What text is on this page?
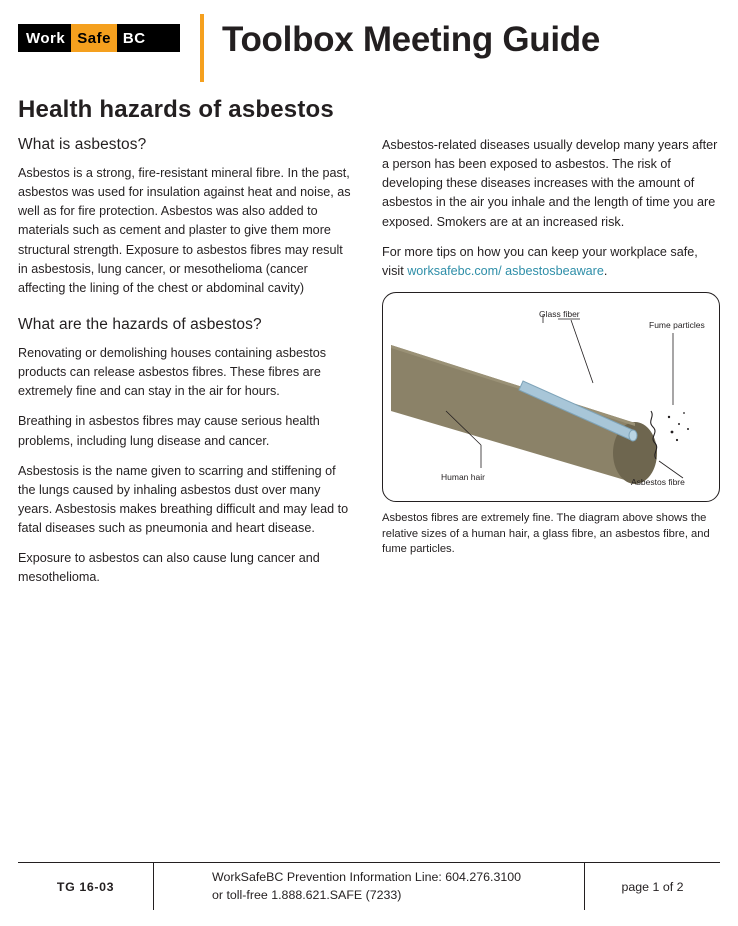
Work Safe BC Toolbox Meeting Guide
Health hazards of asbestos
What is asbestos?

Asbestos is a strong, fire-resistant mineral fibre. In the past, asbestos was used for insulation against heat and noise, as well as for fire protection. Asbestos was also added to materials such as cement and plaster to give them more structural strength. Exposure to asbestos fibres may result in asbestosis, lung cancer, or mesothelioma (cancer affecting the lining of the chest or abdominal cavity)

What are the hazards of asbestos?

Renovating or demolishing houses containing asbestos products can release asbestos fibres. These fibres are extremely fine and can stay in the air for hours.

Breathing in asbestos fibres may cause serious health problems, including lung disease and cancer.

Asbestosis is the name given to scarring and stiffening of the lungs caused by inhaling asbestos dust over many years. Asbestosis makes breathing difficult and may lead to fatal diseases such as pneumonia and heart disease.

Exposure to asbestos can also cause lung cancer and mesothelioma.

Asbestos-related diseases usually develop many years after a person has been exposed to asbestos. The risk of developing these diseases increases with the amount of asbestos in the air you inhale and the length of time you are exposed. Smokers are at an increased risk.

For more tips on how you can keep your workplace safe, visit worksafebc.com/ asbestosbeaware.

Glass fiber
Fume particles
Human hair	Asbestos fibre

Asbestos fibres are extremely fine. The diagram above shows the relative sizes of a human hair, a glass fibre, an asbestos fibre, and fume particles.

TG 16-03
WorkSafeBC Prevention Information Line: 604.276.3100
or toll-free 1.888.621.SAFE (7233)
page 1 of 2
